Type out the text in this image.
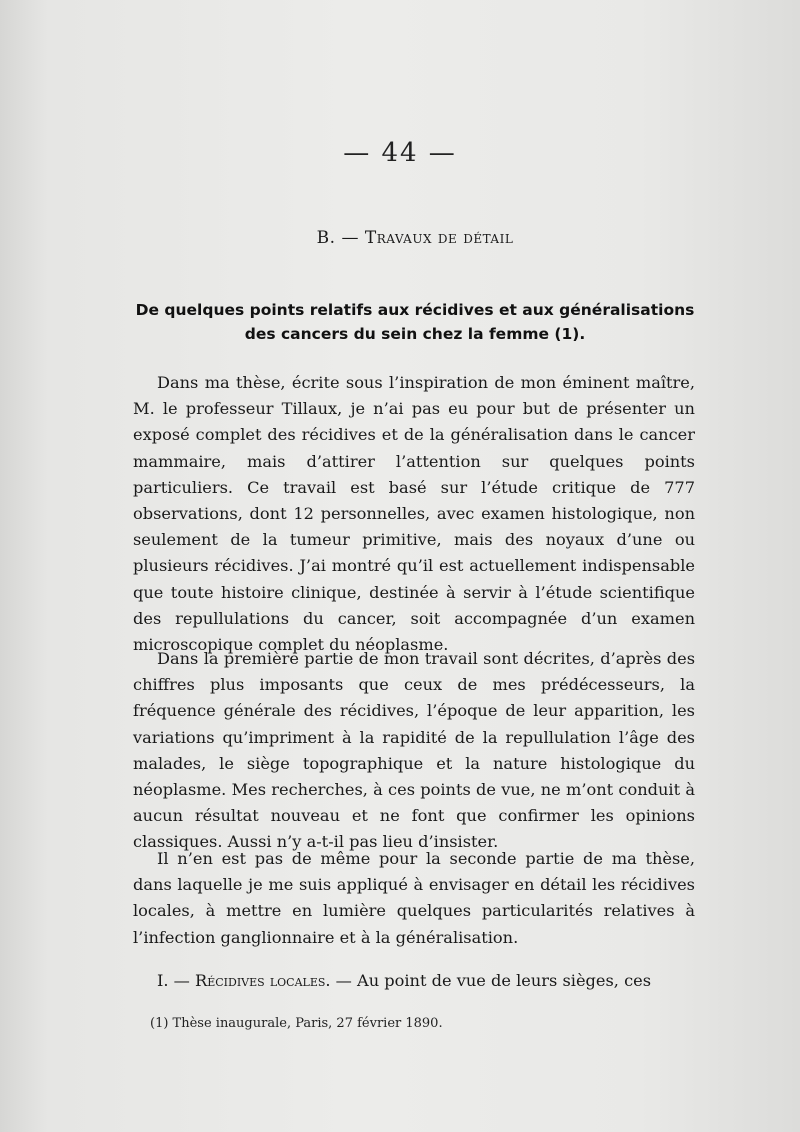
— 44 —
B. — Travaux de détail
De quelques points relatifs aux récidives et aux généralisations des cancers du sein chez la femme (1).

Dans ma thèse, écrite sous l’inspiration de mon éminent maître, M. le professeur Tillaux, je n’ai pas eu pour but de présenter un exposé complet des récidives et de la généralisation dans le cancer mammaire, mais d’attirer l’attention sur quelques points particuliers. Ce travail est basé sur l’étude critique de 777 observations, dont 12 personnelles, avec examen histologique, non seulement de la tumeur primitive, mais des noyaux d’une ou plusieurs récidives. J’ai montré qu’il est actuellement indispensable que toute histoire clinique, destinée à servir à l’étude scientifique des repullulations du cancer, soit accompagnée d’un examen microscopique complet du néoplasme.

Dans la première partie de mon travail sont décrites, d’après des chiffres plus imposants que ceux de mes prédécesseurs, la fréquence générale des récidives, l’époque de leur apparition, les variations qu’impriment à la rapidité de la repullulation l’âge des malades, le siège topographique et la nature histologique du néoplasme. Mes recherches, à ces points de vue, ne m’ont conduit à aucun résultat nouveau et ne font que confirmer les opinions classiques. Aussi n’y a-t-il pas lieu d’insister.

Il n’en est pas de même pour la seconde partie de ma thèse, dans laquelle je me suis appliqué à envisager en détail les récidives locales, à mettre en lumière quelques particularités relatives à l’infection ganglionnaire et à la généralisation.

I. — Récidives locales. — Au point de vue de leurs sièges, ces

(1) Thèse inaugurale, Paris, 27 février 1890.
